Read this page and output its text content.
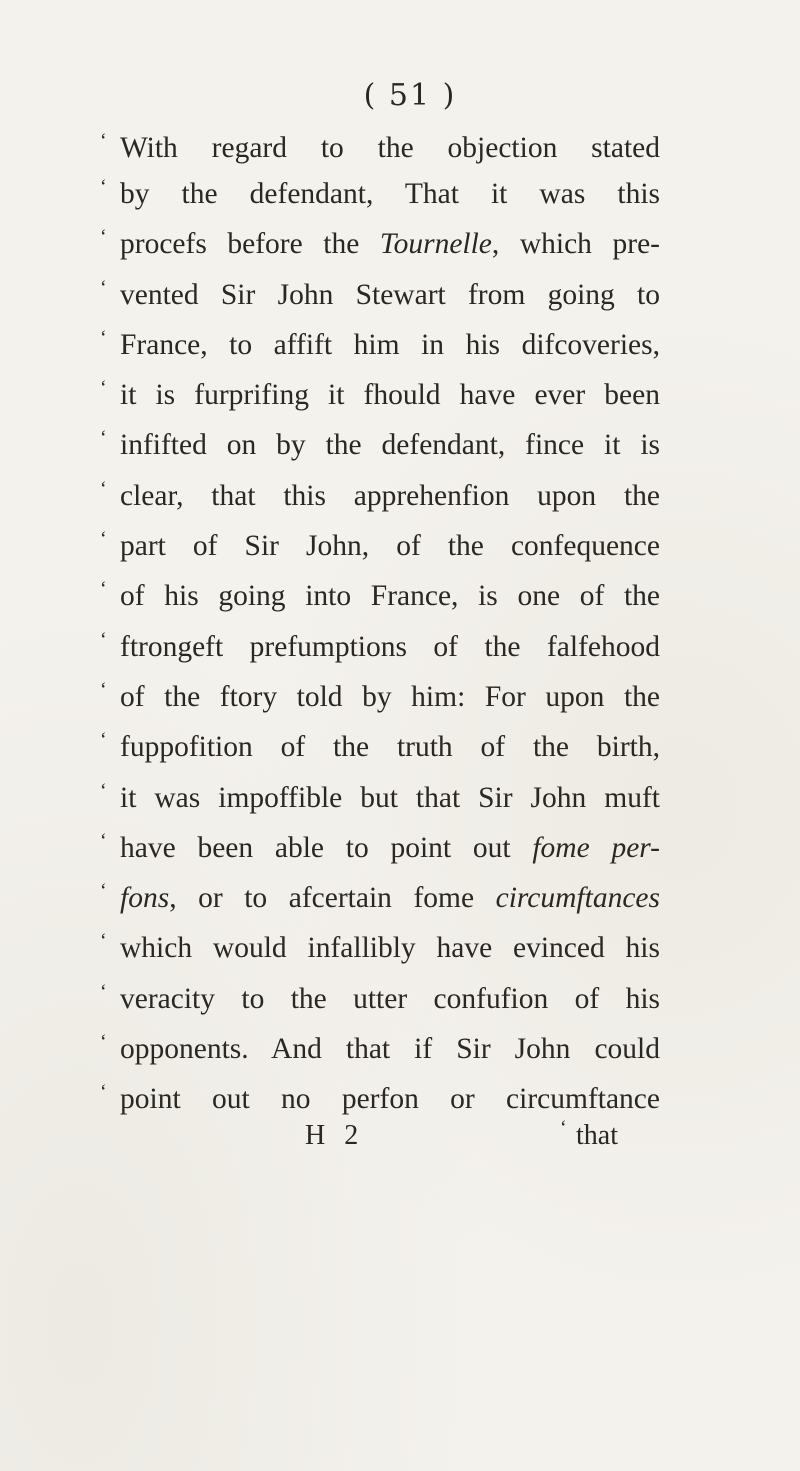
( 51 )
‘ With regard to the objection stated
‘ by the defendant, That it was this
‘ procefs before the Tournelle, which pre-
‘ vented Sir John Stewart from going to
‘ France, to affift him in his difcoveries,
‘ it is furprifing it fhould have ever been
‘ infifted on by the defendant, fince it is
‘ clear, that this apprehenfion upon the
‘ part of Sir John, of the confequence
‘ of his going into France, is one of the
‘ ftrongeft prefumptions of the falfehood
‘ of the ftory told by him: For upon the
‘ fuppofition of the truth of the birth,
‘ it was impoffible but that Sir John muft
‘ have been able to point out fome per-
‘ fons, or to afcertain fome circumftances
‘ which would infallibly have evinced his
‘ veracity to the utter confufion of his
‘ opponents. And that if Sir John could
‘ point out no perfon or circumftance
H 2	‘ that
